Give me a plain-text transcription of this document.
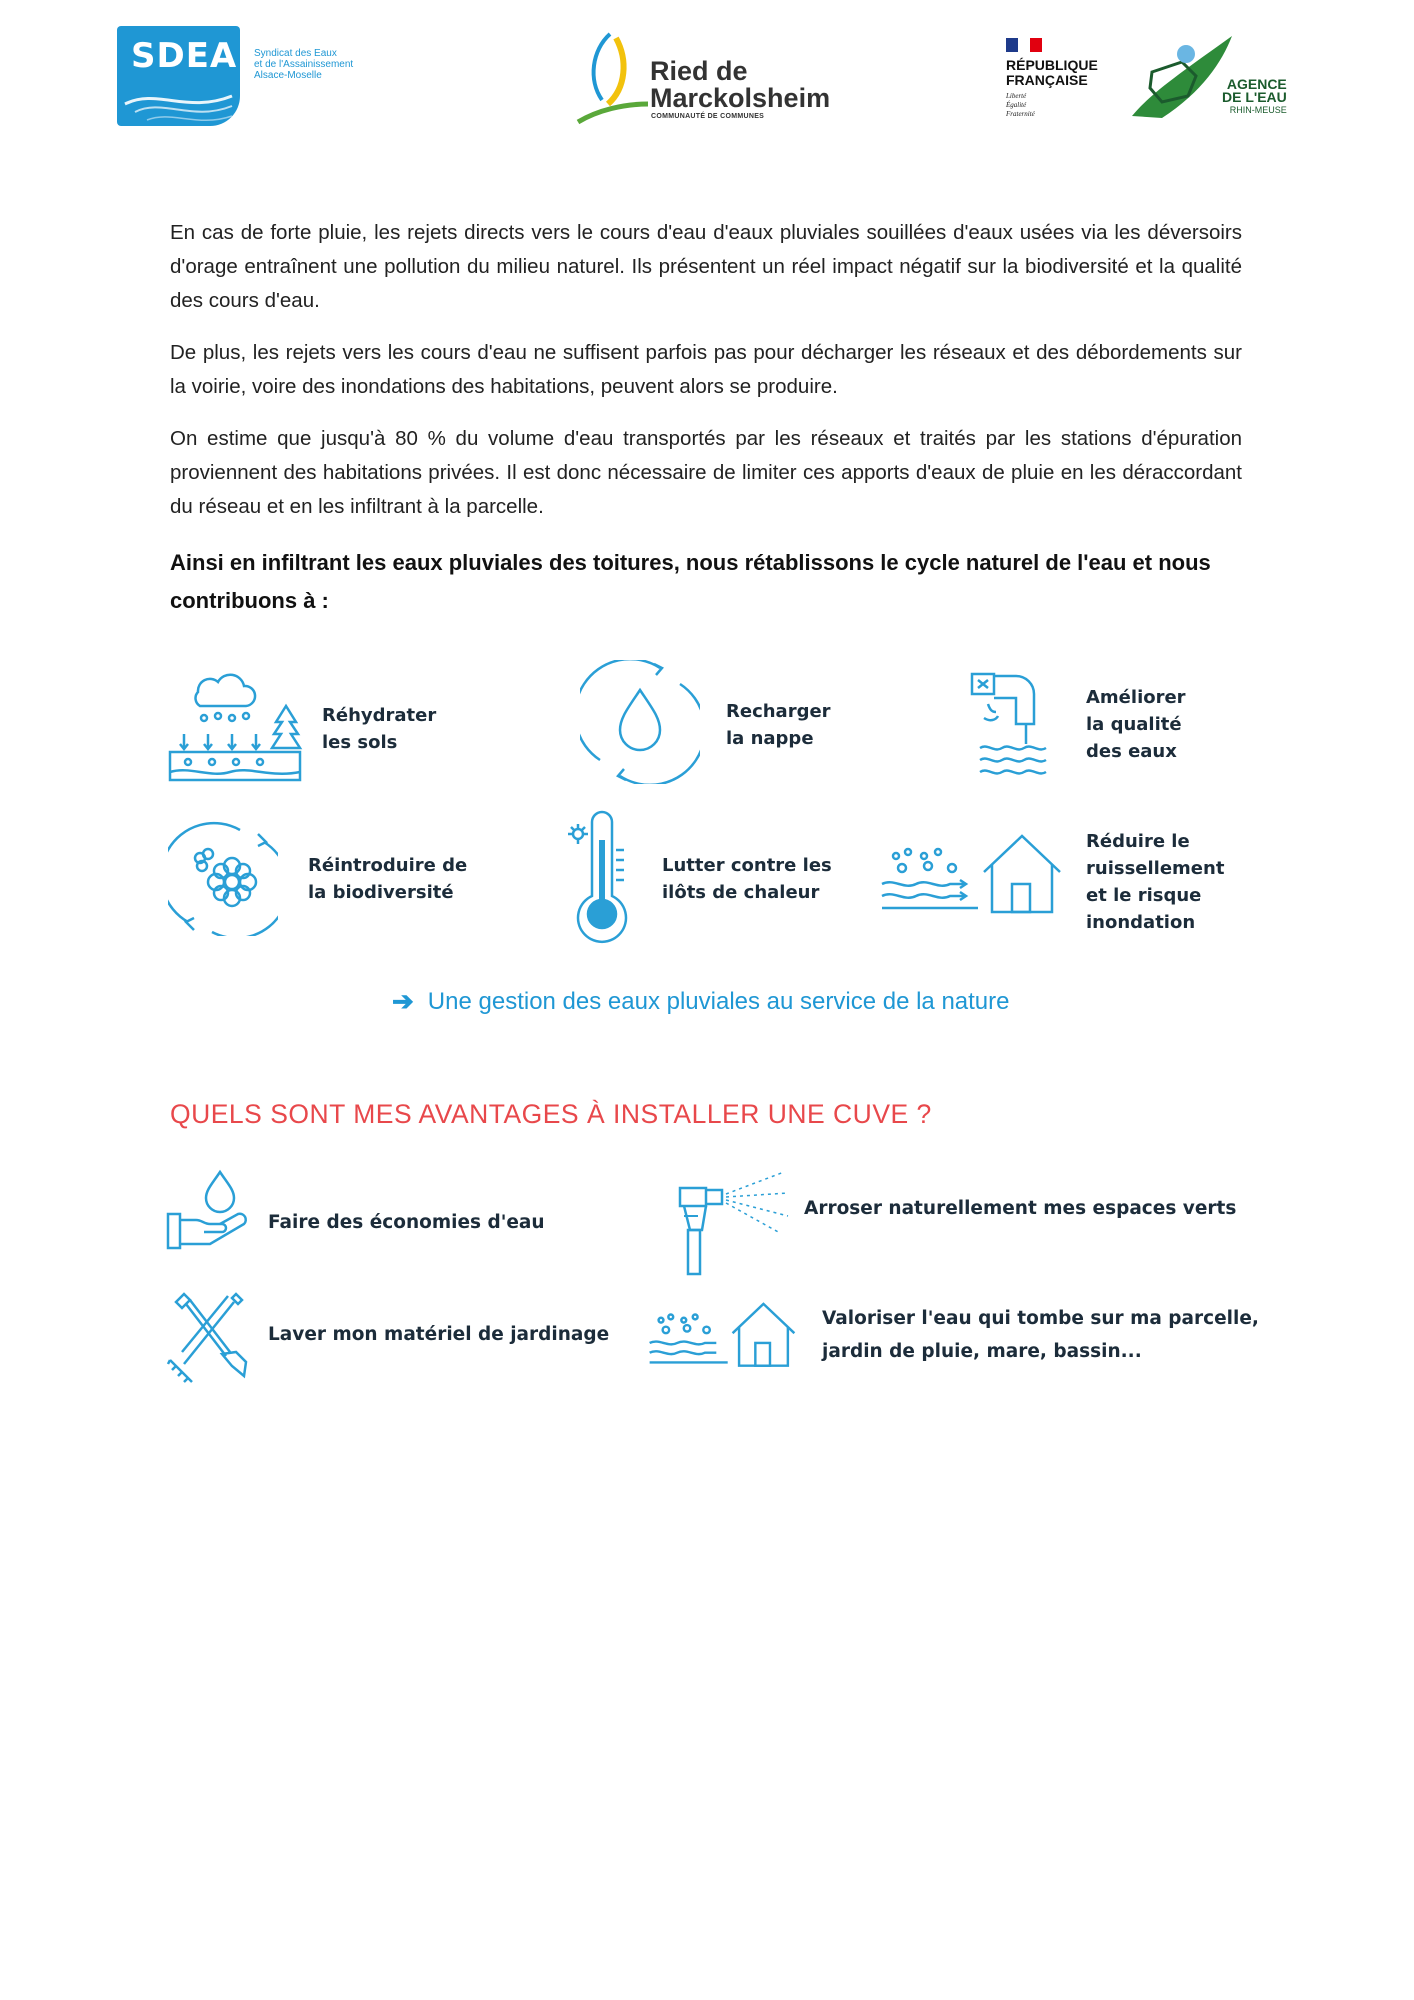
SDEA Syndicat des Eaux
et de l'Assainissement
Alsace-Moselle	Ried de
Marckolsheim
COMMUNAUTÉ DE COMMUNES
RÉPUBLIQUE
FRANÇAISE
Liberté
Égalité
Fraternité
AGENCE
DE L'EAU
RHIN-MEUSE
En cas de forte pluie, les rejets directs vers le cours d'eau d'eaux pluviales souillées d'eaux usées via les déversoirs d'orage entraînent une pollution du milieu naturel. Ils présentent un réel impact négatif sur la biodiversité et la qualité des cours d'eau.
De plus, les rejets vers les cours d'eau ne suffisent parfois pas pour décharger les réseaux et des débordements sur la voirie, voire des inondations des habitations, peuvent alors se produire.
On estime que jusqu'à 80 % du volume d'eau transportés par les réseaux et traités par les stations d'épuration proviennent des habitations privées. Il est donc nécessaire de limiter ces apports d'eaux de pluie en les déraccordant du réseau et en les infiltrant à la parcelle.
Ainsi en infiltrant les eaux pluviales des toitures, nous rétablissons le cycle naturel de l'eau et nous contribuons à :
Réhydrater
les sols
Recharger
la nappe
Améliorer
la qualité
des eaux
Réintroduire de
la biodiversité
Lutter contre les
ilôts de chaleur
Réduire le
ruissellement
et le risque
inondation
➔ Une gestion des eaux pluviales au service de la nature
QUELS SONT MES AVANTAGES À INSTALLER UNE CUVE ?
Faire des économies d'eau
Arroser naturellement mes espaces verts
Laver mon matériel de jardinage
Valoriser l'eau qui tombe sur ma parcelle,
jardin de pluie, mare, bassin...
